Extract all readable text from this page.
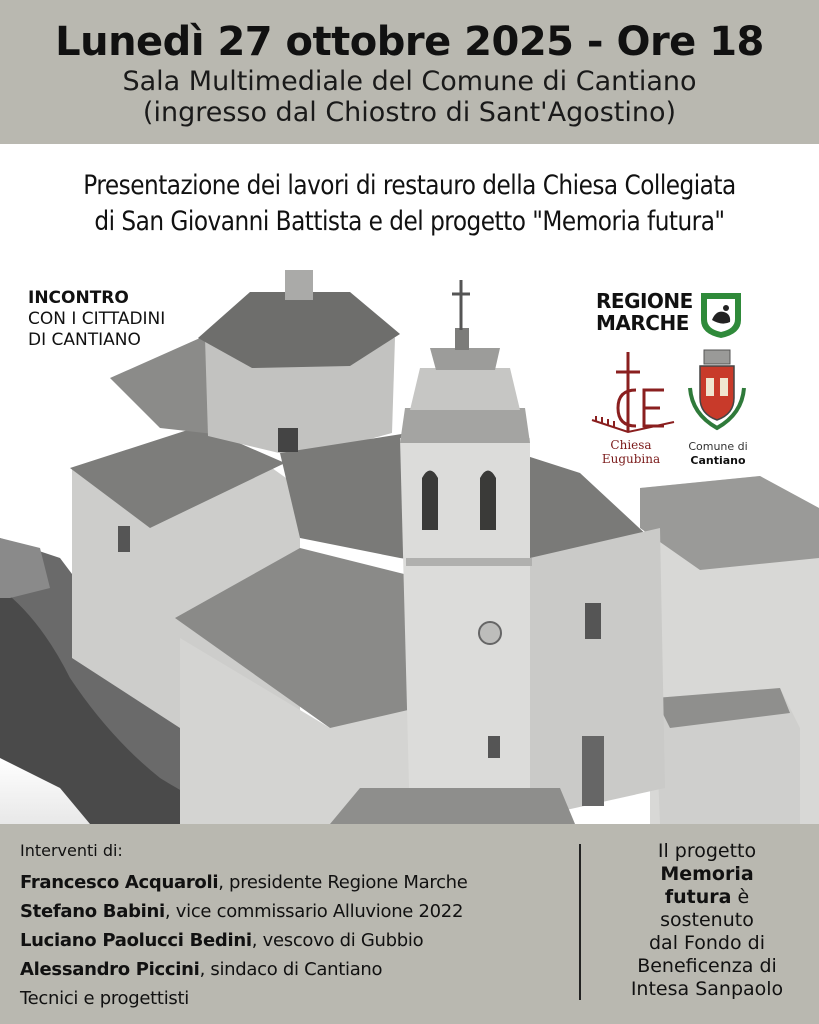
Lunedì 27 ottobre 2025 - Ore 18
Sala Multimediale del Comune di Cantiano
(ingresso dal Chiostro di Sant'Agostino)
Presentazione dei lavori di restauro della Chiesa Collegiata
di San Giovanni Battista e del progetto "Memoria futura"
INCONTRO
CON I CITTADINI
DI CANTIANO
REGIONE
MARCHE
Chiesa
Eugubina
Comune di
Cantiano
Interventi di:
Francesco Acquaroli, presidente Regione Marche
Stefano Babini, vice commissario Alluvione 2022
Luciano Paolucci Bedini, vescovo di Gubbio
Alessandro Piccini, sindaco di Cantiano
Tecnici e progettisti
Il progetto
Memoria
futura è
sostenuto
dal Fondo di
Beneficenza di
Intesa Sanpaolo
